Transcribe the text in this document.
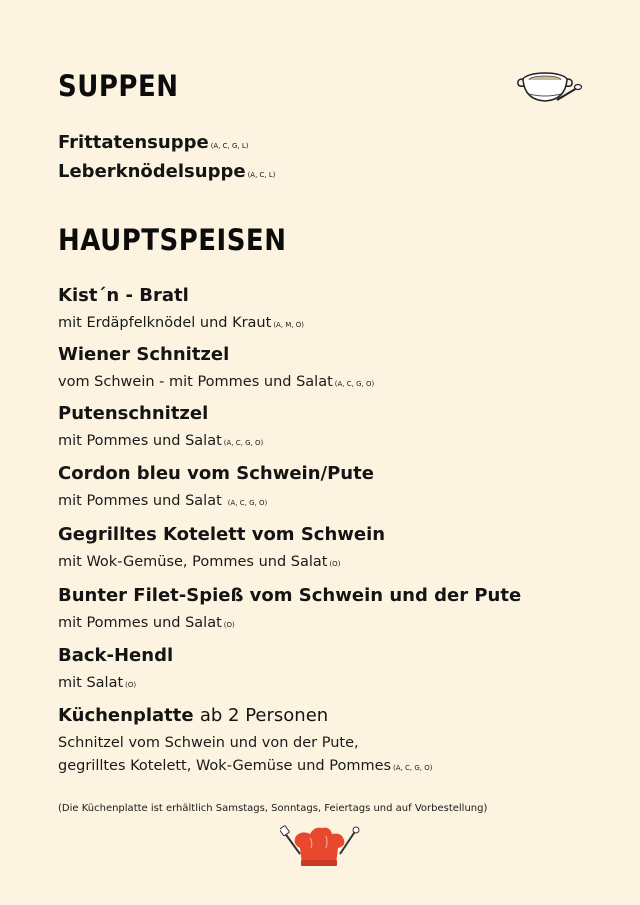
SUPPEN
Frittatensuppe (A, C, G, L)
Leberknödelsuppe (A, C, L)
HAUPTSPEISEN
Kist´n - Bratl
mit Erdäpfelknödel und Kraut (A, M, O)
Wiener Schnitzel
vom Schwein - mit Pommes und Salat (A, C, G, O)
Putenschnitzel
mit Pommes und Salat (A, C, G, O)
Cordon bleu vom Schwein/Pute
mit Pommes und Salat (A, C, G, O)
Gegrilltes Kotelett vom Schwein
mit Wok-Gemüse, Pommes und Salat (O)
Bunter Filet-Spieß vom Schwein und der Pute
mit Pommes und Salat (O)
Back-Hendl
mit Salat (O)
Küchenplatte ab 2 Personen
Schnitzel vom Schwein und von der Pute,
gegrilltes Kotelett, Wok-Gemüse und Pommes (A, C, G, O)
(Die Küchenplatte ist erhältlich Samstags, Sonntags, Feiertags und auf Vorbestellung)
